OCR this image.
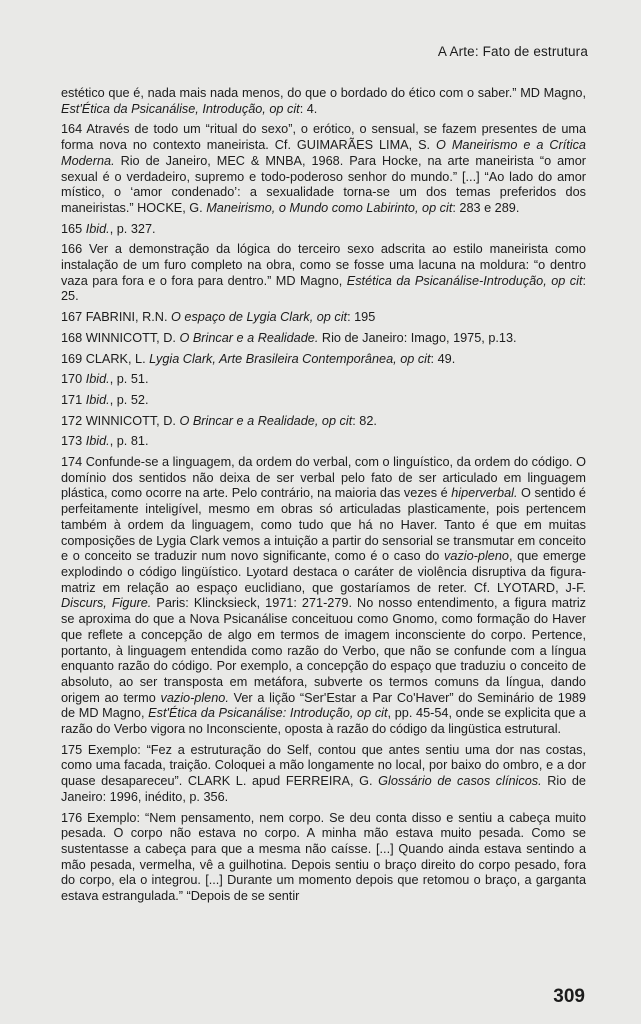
A Arte: Fato de estrutura

estético que é, nada mais nada menos, do que o bordado do ético com o saber.” MD Magno, Est'Ética da Psicanálise, Introdução, op cit: 4.

164 Através de todo um “ritual do sexo”, o erótico, o sensual, se fazem presentes de uma forma nova no contexto maneirista. Cf. GUIMARÃES LIMA, S. O Maneirismo e a Crítica Moderna. Rio de Janeiro, MEC & MNBA, 1968. Para Hocke, na arte maneirista “o amor sexual é o verdadeiro, supremo e todo-poderoso senhor do mundo.” [...] “Ao lado do amor místico, o ‘amor condenado’: a sexualidade torna-se um dos temas preferidos dos maneiristas.” HOCKE, G. Maneirismo, o Mundo como Labirinto, op cit: 283 e 289.

165 Ibid., p. 327.

166 Ver a demonstração da lógica do terceiro sexo adscrita ao estilo maneirista como instalação de um furo completo na obra, como se fosse uma lacuna na moldura: “o dentro vaza para fora e o fora para dentro.” MD Magno, Estética da Psicanálise-Introdução, op cit: 25.

167 FABRINI, R.N. O espaço de Lygia Clark, op cit: 195

168 WINNICOTT, D. O Brincar e a Realidade. Rio de Janeiro: Imago, 1975, p.13.

169 CLARK, L. Lygia Clark, Arte Brasileira Contemporânea, op cit: 49.

170 Ibid., p. 51.

171 Ibid., p. 52.

172 WINNICOTT, D. O Brincar e a Realidade, op cit: 82.

173 Ibid., p. 81.

174 Confunde-se a linguagem, da ordem do verbal, com o linguístico, da ordem do código. O domínio dos sentidos não deixa de ser verbal pelo fato de ser articulado em linguagem plástica, como ocorre na arte. Pelo contrário, na maioria das vezes é hiperverbal. O sentido é perfeitamente inteligível, mesmo em obras só articuladas plasticamente, pois pertencem também à ordem da linguagem, como tudo que há no Haver. Tanto é que em muitas composições de Lygia Clark vemos a intuição a partir do sensorial se transmutar em conceito e o conceito se traduzir num novo significante, como é o caso do vazio-pleno, que emerge explodindo o código lingüístico. Lyotard destaca o caráter de violência disruptiva da figura-matriz em relação ao espaço euclidiano, que gostaríamos de reter. Cf. LYOTARD, J-F. Discurs, Figure. Paris: Klincksieck, 1971: 271-279. No nosso entendimento, a figura matriz se aproxima do que a Nova Psicanálise conceituou como Gnomo, como formação do Haver que reflete a concepção de algo em termos de imagem inconsciente do corpo. Pertence, portanto, à linguagem entendida como razão do Verbo, que não se confunde com a língua enquanto razão do código. Por exemplo, a concepção do espaço que traduziu o conceito de absoluto, ao ser transposta em metáfora, subverte os termos comuns da língua, dando origem ao termo vazio-pleno. Ver a lição “Ser'Estar a Par Co'Haver” do Seminário de 1989 de MD Magno, Est'Ética da Psicanálise: Introdução, op cit, pp. 45-54, onde se explicita que a razão do Verbo vigora no Inconsciente, oposta à razão do código da lingüstica estrutural.

175 Exemplo: “Fez a estruturação do Self, contou que antes sentiu uma dor nas costas, como uma facada, traição. Coloquei a mão longamente no local, por baixo do ombro, e a dor quase desapareceu”. CLARK L. apud FERREIRA, G. Glossário de casos clínicos. Rio de Janeiro: 1996, inédito, p. 356.

176 Exemplo: “Nem pensamento, nem corpo. Se deu conta disso e sentiu a cabeça muito pesada. O corpo não estava no corpo. A minha mão estava muito pesada. Como se sustentasse a cabeça para que a mesma não caísse. [...] Quando ainda estava sentindo a mão pesada, vermelha, vê a guilhotina. Depois sentiu o braço direito do corpo pesado, fora do corpo, ela o integrou. [...] Durante um momento depois que retomou o braço, a garganta estava estrangulada.” “Depois de se sentir

309
